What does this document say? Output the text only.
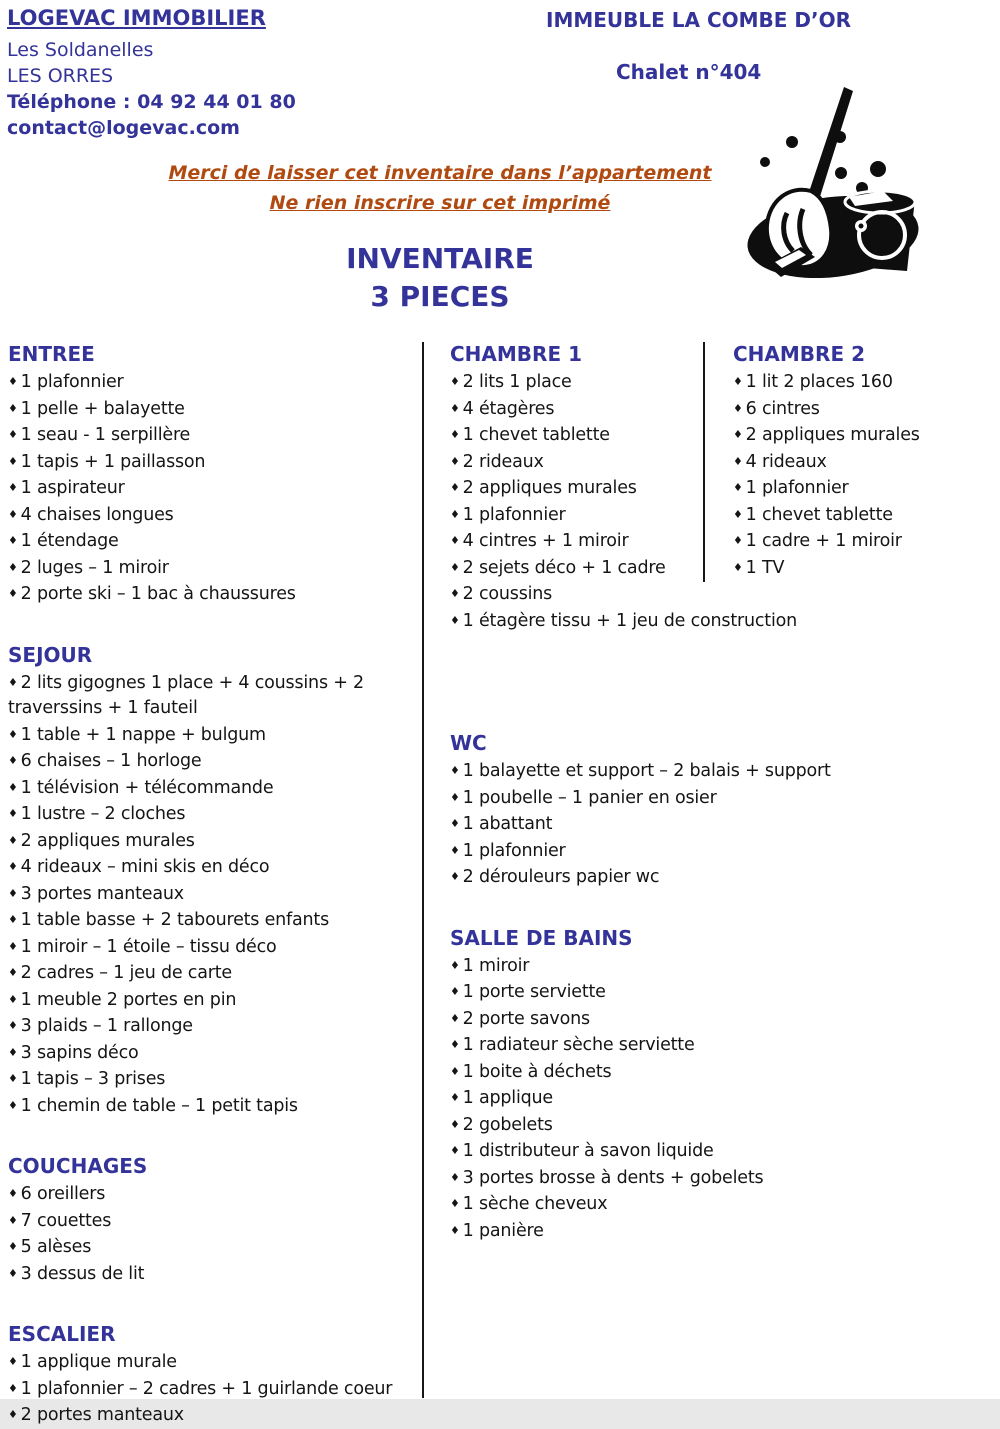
LOGEVAC IMMOBILIER
Les Soldanelles
LES ORRES
Téléphone : 04 92 44 01 80
contact@logevac.com
IMMEUBLE LA COMBE D’OR
Chalet n°404
Merci de laisser cet inventaire dans l’appartement
Ne rien inscrire sur cet imprimé
INVENTAIRE
3 PIECES
ENTREE
♦ 1 plafonnier
♦ 1 pelle + balayette
♦ 1 seau - 1 serpillère
♦ 1 tapis + 1 paillasson
♦ 1 aspirateur
♦ 4 chaises longues
♦ 1 étendage
♦ 2 luges – 1 miroir
♦ 2 porte ski – 1 bac à chaussures
SEJOUR
♦ 2 lits gigognes 1 place + 4 coussins + 2 traverssins + 1 fauteil
♦ 1 table + 1 nappe + bulgum
♦ 6 chaises – 1 horloge
♦ 1 télévision + télécommande
♦ 1 lustre – 2 cloches
♦ 2 appliques murales
♦ 4 rideaux – mini skis en déco
♦ 3 portes manteaux
♦ 1 table basse + 2 tabourets enfants
♦ 1 miroir – 1 étoile – tissu déco
♦ 2 cadres – 1 jeu de carte
♦ 1 meuble 2 portes en pin
♦ 3 plaids – 1 rallonge
♦ 3 sapins déco
♦ 1 tapis – 3 prises
♦ 1 chemin de table – 1 petit tapis
COUCHAGES
♦ 6 oreillers
♦ 7 couettes
♦ 5 alèses
♦ 3 dessus de lit
ESCALIER
♦ 1 applique murale
♦ 1 plafonnier – 2 cadres + 1 guirlande coeur
♦ 2 portes manteaux
CHAMBRE 1
♦ 2 lits 1 place
♦ 4 étagères
♦ 1 chevet tablette
♦ 2 rideaux
♦ 2 appliques murales
♦ 1 plafonnier
♦ 4 cintres + 1 miroir
♦ 2 sejets déco + 1 cadre
♦ 2 coussins
♦ 1 étagère tissu + 1 jeu de construction
WC
♦ 1 balayette et support – 2 balais + support
♦ 1 poubelle – 1 panier en osier
♦ 1 abattant
♦ 1 plafonnier
♦ 2 dérouleurs papier wc
SALLE DE BAINS
♦ 1 miroir
♦ 1 porte serviette
♦ 2 porte savons
♦ 1 radiateur sèche serviette
♦ 1 boite à déchets
♦ 1 applique
♦ 2 gobelets
♦ 1 distributeur à savon liquide
♦ 3 portes brosse à dents + gobelets
♦ 1 sèche cheveux
♦ 1 panière
CHAMBRE 2
♦ 1 lit 2 places 160
♦ 6 cintres
♦ 2 appliques murales
♦ 4 rideaux
♦ 1 plafonnier
♦ 1 chevet tablette
♦ 1 cadre + 1 miroir
♦ 1 TV
